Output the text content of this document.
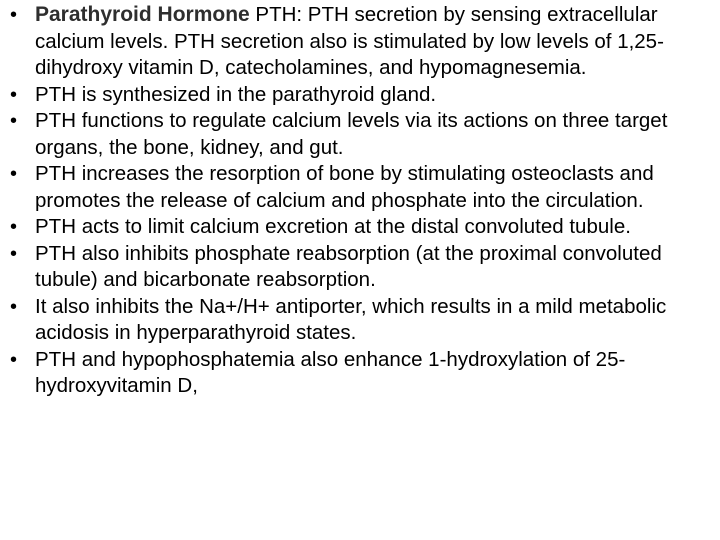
• Parathyroid Hormone PTH: PTH secretion by sensing extracellular calcium levels. PTH secretion also is stimulated by low levels of 1,25-dihydroxy vitamin D, catecholamines, and hypomagnesemia.
• PTH is synthesized in the parathyroid gland.
• PTH functions to regulate calcium levels via its actions on three target organs, the bone, kidney, and gut.
• PTH increases the resorption of bone by stimulating osteoclasts and promotes the release of calcium and phosphate into the circulation.
• PTH acts to limit calcium excretion at the distal convoluted tubule.
• PTH also inhibits phosphate reabsorption (at the proximal convoluted tubule) and bicarbonate reabsorption.
• It also inhibits the Na+/H+ antiporter, which results in a mild metabolic acidosis in hyperparathyroid states.
• PTH and hypophosphatemia also enhance 1-hydroxylation of 25-hydroxyvitamin D,
